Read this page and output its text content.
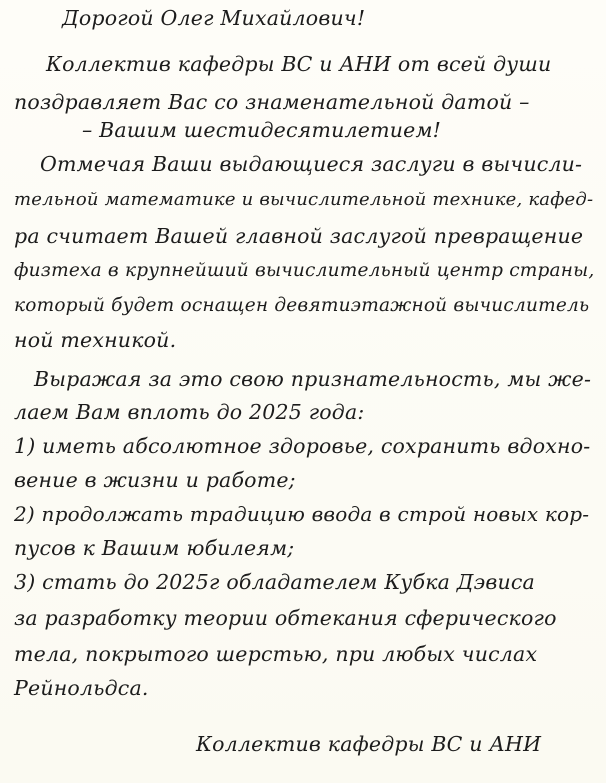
Дорогой Олег Михайлович!
Коллектив кафедры ВС и АНИ от всей души
поздравляет Вас со знаменательной датой –
– Вашим шестидесятилетием!
Отмечая Ваши выдающиеся заслуги в вычисли-
тельной математике и вычислительной технике, кафед-
ра считает Вашей главной заслугой превращение
физтеха в крупнейший вычислительный центр страны,
который будет оснащен девятиэтажной вычислитель
ной техникой.
Выражая за это свою признательность, мы же-
лаем Вам вплоть до 2025 года:
1) иметь абсолютное здоровье, сохранить вдохно-
вение в жизни и работе;
2) продолжать традицию ввода в строй новых кор-
пусов к Вашим юбилеям;
3) стать до 2025г обладателем Кубка Дэвиса
за разработку теории обтекания сферического
тела, покрытого шерстью, при любых числах
Рейнольдса.
Коллектив кафедры ВС и АНИ
